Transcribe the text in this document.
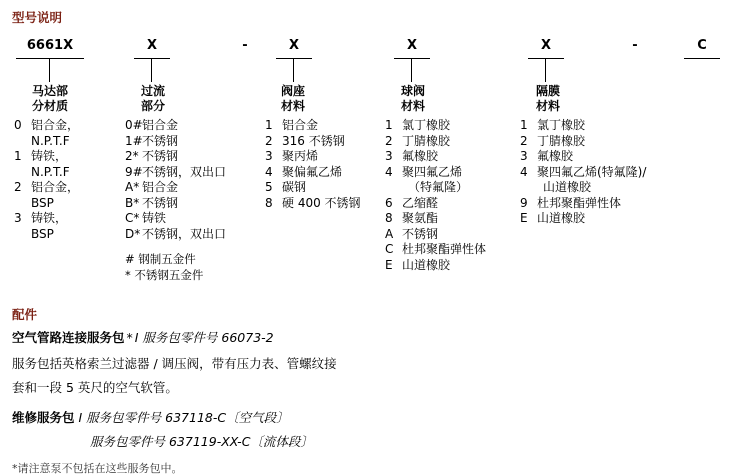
型号说明
配件
6661X	X	-	X	X	X	-	C
马达部
分材质
0 铝合金，
N.P.T.F
1 铸铁，
N.P.T.F
2 铝合金，
BSP
3 铸铁，
BSP
过流
部分
0# 铝合金
1# 不锈钢
2* 不锈钢
9# 不锈钢，双出口
A* 铝合金
B* 不锈钢
C* 铸铁
D* 不锈钢，双出口
# 钢制五金件
* 不锈钢五金件
阀座
材料
1 铝合金
2 316 不锈钢
3 聚丙烯
4 聚偏氟乙烯
5 碳钢
8 硬 400 不锈钢
球阀
材料
1 氯丁橡胶
2 丁腈橡胶
3 氟橡胶
4 聚四氟乙烯
（特氟隆）
6 乙缩醛
8 聚氨酯
A 不锈钢
C 杜邦聚酯弹性体
E 山道橡胶
隔膜
材料
1 氯丁橡胶
2 丁腈橡胶
3 氟橡胶
4 聚四氟乙烯(特氟隆)/
山道橡胶
9 杜邦聚酯弹性体
E 山道橡胶
空气管路连接服务包 * I 服务包零件号 66073-2
服务包括英格索兰过滤器 / 调压阀，带有压力表、管螺纹接
套和一段 5 英尺的空气软管。
维修服务包 I 服务包零件号 637118-C〔空气段〕
服务包零件号 637119-XX-C〔流体段〕
*请注意泵不包括在这些服务包中。
